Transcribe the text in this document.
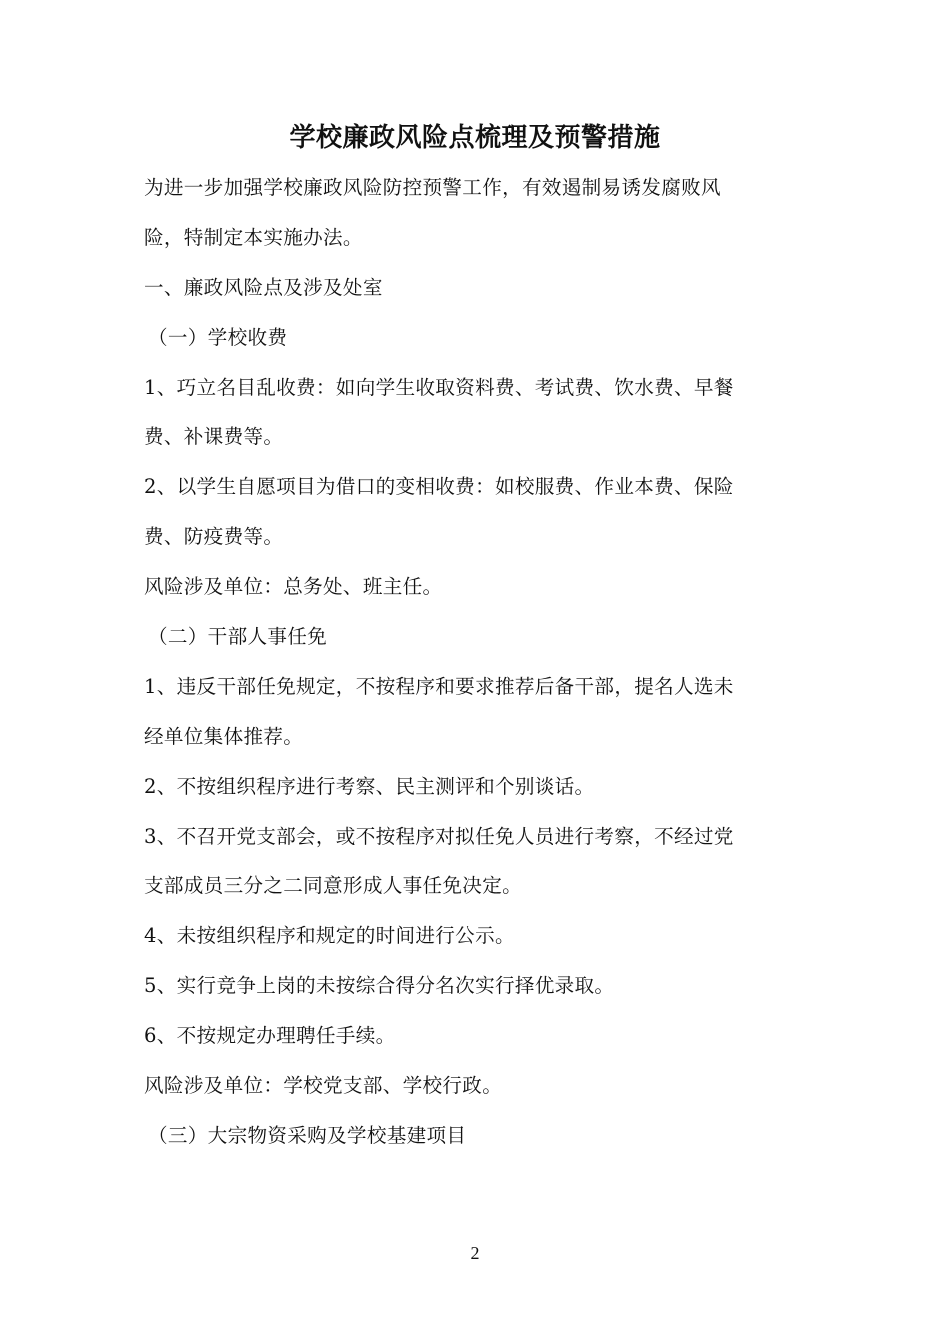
学校廉政风险点梳理及预警措施
为进一步加强学校廉政风险防控预警工作，有效遏制易诱发腐败风
险，特制定本实施办法。
一、廉政风险点及涉及处室
（一）学校收费
1、巧立名目乱收费：如向学生收取资料费、考试费、饮水费、早餐
费、补课费等。
2、以学生自愿项目为借口的变相收费：如校服费、作业本费、保险
费、防疫费等。
风险涉及单位：总务处、班主任。
（二）干部人事任免
1、违反干部任免规定，不按程序和要求推荐后备干部，提名人选未
经单位集体推荐。
2、不按组织程序进行考察、民主测评和个别谈话。
3、不召开党支部会，或不按程序对拟任免人员进行考察，不经过党
支部成员三分之二同意形成人事任免决定。
4、未按组织程序和规定的时间进行公示。
5、实行竞争上岗的未按综合得分名次实行择优录取。
6、不按规定办理聘任手续。
风险涉及单位：学校党支部、学校行政。
（三）大宗物资采购及学校基建项目
2
